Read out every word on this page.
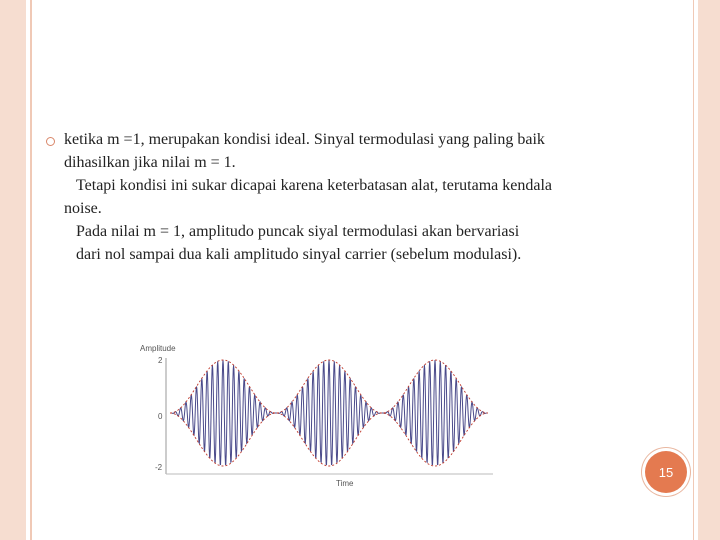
ketika m =1, merupakan kondisi ideal. Sinyal termodulasi yang paling baik
dihasilkan jika nilai m = 1.
Tetapi kondisi ini sukar dicapai karena keterbatasan alat, terutama kendala
noise.
Pada nilai m = 1, amplitudo puncak siyal termodulasi akan bervariasi
dari nol sampai dua kali amplitudo sinyal carrier (sebelum modulasi).

Amplitude
2
0
-2
Time
15
